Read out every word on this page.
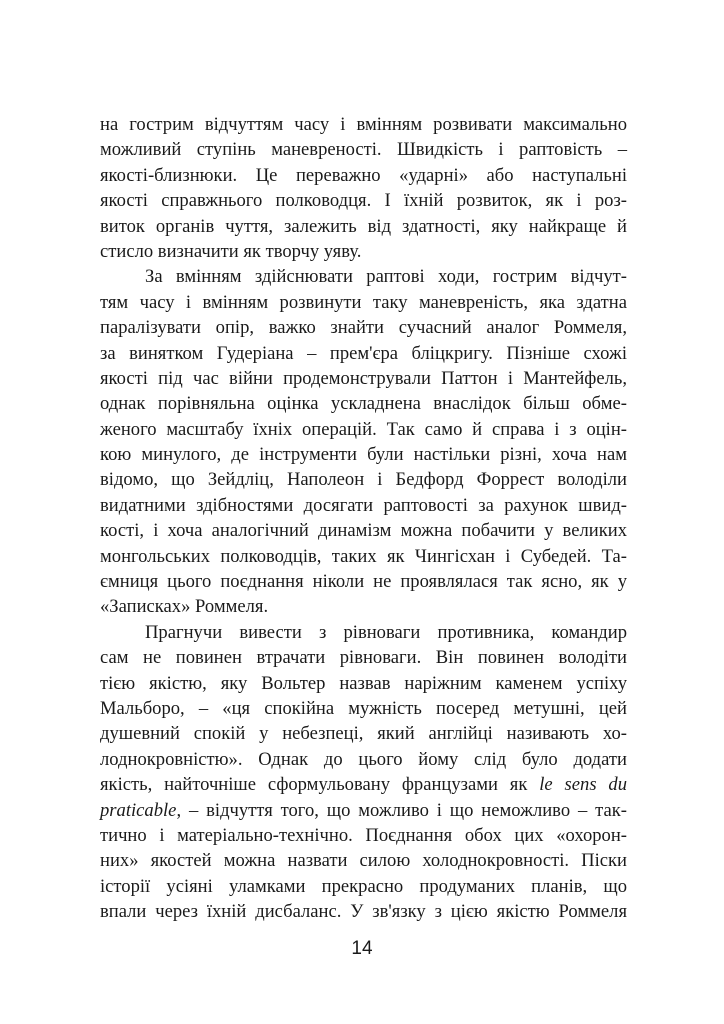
на гострим відчуттям часу і вмінням розвивати максимально
можливий ступінь маневреності. Швидкість і раптовість –
якості-близнюки. Це переважно «ударні» або наступальні
якості справжнього полководця. І їхній розвиток, як і роз-
виток органів чуття, залежить від здатності, яку найкраще й
стисло визначити як творчу уяву.
За вмінням здійснювати раптові ходи, гострим відчут-
тям часу і вмінням розвинути таку маневреність, яка здатна
паралізувати опір, важко знайти сучасний аналог Роммеля,
за винятком Гудеріана – прем'єра бліцкригу. Пізніше схожі
якості під час війни продемонстрували Паттон і Мантейфель,
однак порівняльна оцінка ускладнена внаслідок більш обме-
женого масштабу їхніх операцій. Так само й справа і з оцін-
кою минулого, де інструменти були настільки різні, хоча нам
відомо, що Зейдліц, Наполеон і Бедфорд Форрест володіли
видатними здібностями досягати раптовості за рахунок швид-
кості, і хоча аналогічний динамізм можна побачити у великих
монгольських полководців, таких як Чингісхан і Субедей. Та-
ємниця цього поєднання ніколи не проявлялася так ясно, як у
«Записках» Роммеля.
Прагнучи вивести з рівноваги противника, командир
сам не повинен втрачати рівноваги. Він повинен володіти
тією якістю, яку Вольтер назвав наріжним каменем успіху
Мальборо, – «ця спокійна мужність посеред метушні, цей
душевний спокій у небезпеці, який англійці називають хо-
лоднокровністю». Однак до цього йому слід було додати
якість, найточніше сформульовану французами як le sens du
praticable, – відчуття того, що можливо і що неможливо – так-
тично і матеріально-технічно. Поєднання обох цих «охорон-
них» якостей можна назвати силою холоднокровності. Піски
історії усіяні уламками прекрасно продуманих планів, що
впали через їхній дисбаланс. У зв'язку з цією якістю Роммеля
14
